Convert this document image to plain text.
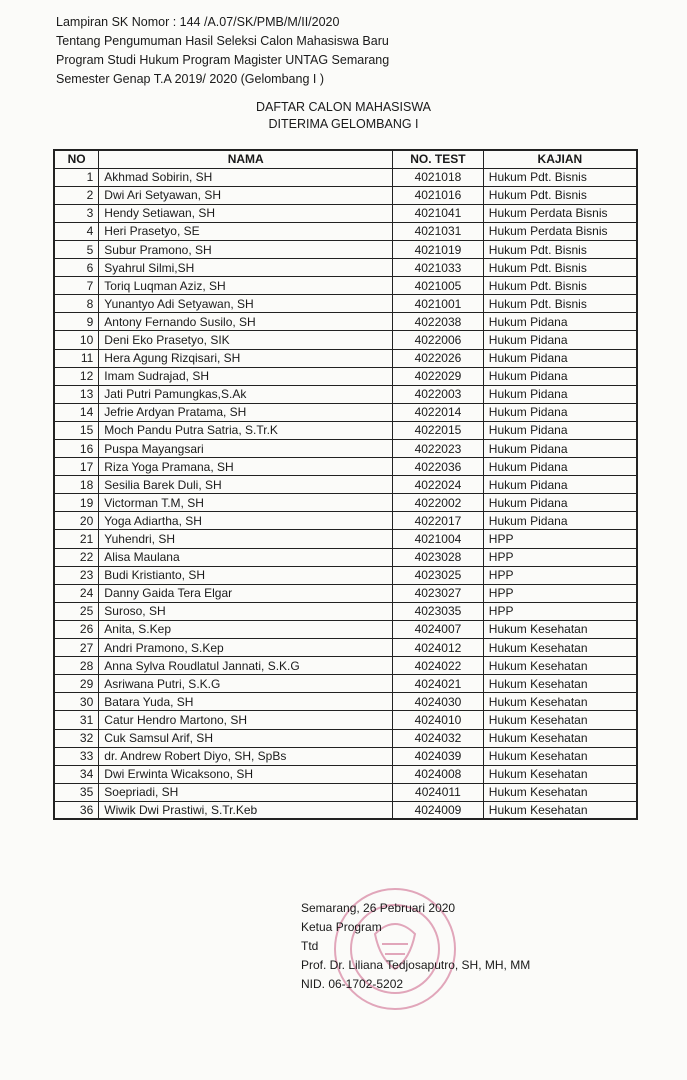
Lampiran SK Nomor : 144 /A.07/SK/PMB/M/II/2020
Tentang Pengumuman Hasil Seleksi Calon Mahasiswa Baru
Program Studi Hukum Program Magister UNTAG Semarang
Semester Genap T.A 2019/ 2020 (Gelombang I )
DAFTAR CALON MAHASISWA
DITERIMA GELOMBANG I
NO	NAMA	NO. TEST	KAJIAN
1	Akhmad Sobirin, SH	4021018	Hukum Pdt. Bisnis
2	Dwi Ari Setyawan, SH	4021016	Hukum Pdt. Bisnis
3	Hendy Setiawan, SH	4021041	Hukum Perdata Bisnis
4	Heri Prasetyo, SE	4021031	Hukum Perdata Bisnis
5	Subur Pramono, SH	4021019	Hukum Pdt. Bisnis
6	Syahrul Silmi,SH	4021033	Hukum Pdt. Bisnis
7	Toriq Luqman Aziz, SH	4021005	Hukum Pdt. Bisnis
8	Yunantyo Adi Setyawan, SH	4021001	Hukum Pdt. Bisnis
9	Antony Fernando Susilo, SH	4022038	Hukum Pidana
10	Deni Eko Prasetyo, SIK	4022006	Hukum Pidana
11	Hera Agung Rizqisari, SH	4022026	Hukum Pidana
12	Imam Sudrajad, SH	4022029	Hukum Pidana
13	Jati Putri Pamungkas,S.Ak	4022003	Hukum Pidana
14	Jefrie Ardyan Pratama, SH	4022014	Hukum Pidana
15	Moch Pandu Putra Satria, S.Tr.K	4022015	Hukum Pidana
16	Puspa Mayangsari	4022023	Hukum Pidana
17	Riza Yoga Pramana, SH	4022036	Hukum Pidana
18	Sesilia Barek Duli, SH	4022024	Hukum Pidana
19	Victorman T.M, SH	4022002	Hukum Pidana
20	Yoga Adiartha, SH	4022017	Hukum Pidana
21	Yuhendri, SH	4021004	HPP
22	Alisa Maulana	4023028	HPP
23	Budi Kristianto, SH	4023025	HPP
24	Danny Gaida Tera Elgar	4023027	HPP
25	Suroso, SH	4023035	HPP
26	Anita, S.Kep	4024007	Hukum Kesehatan
27	Andri Pramono, S.Kep	4024012	Hukum Kesehatan
28	Anna Sylva Roudlatul Jannati, S.K.G	4024022	Hukum Kesehatan
29	Asriwana Putri, S.K.G	4024021	Hukum Kesehatan
30	Batara Yuda, SH	4024030	Hukum Kesehatan
31	Catur Hendro Martono, SH	4024010	Hukum Kesehatan
32	Cuk Samsul Arif, SH	4024032	Hukum Kesehatan
33	dr. Andrew Robert Diyo, SH, SpBs	4024039	Hukum Kesehatan
34	Dwi Erwinta Wicaksono, SH	4024008	Hukum Kesehatan
35	Soepriadi, SH	4024011	Hukum Kesehatan
36	Wiwik Dwi Prastiwi, S.Tr.Keb	4024009	Hukum Kesehatan
Semarang, 26 Pebruari 2020
Ketua Program
Ttd
Prof. Dr. Liliana Tedjosaputro, SH, MH, MM
NID. 06-1702-5202
